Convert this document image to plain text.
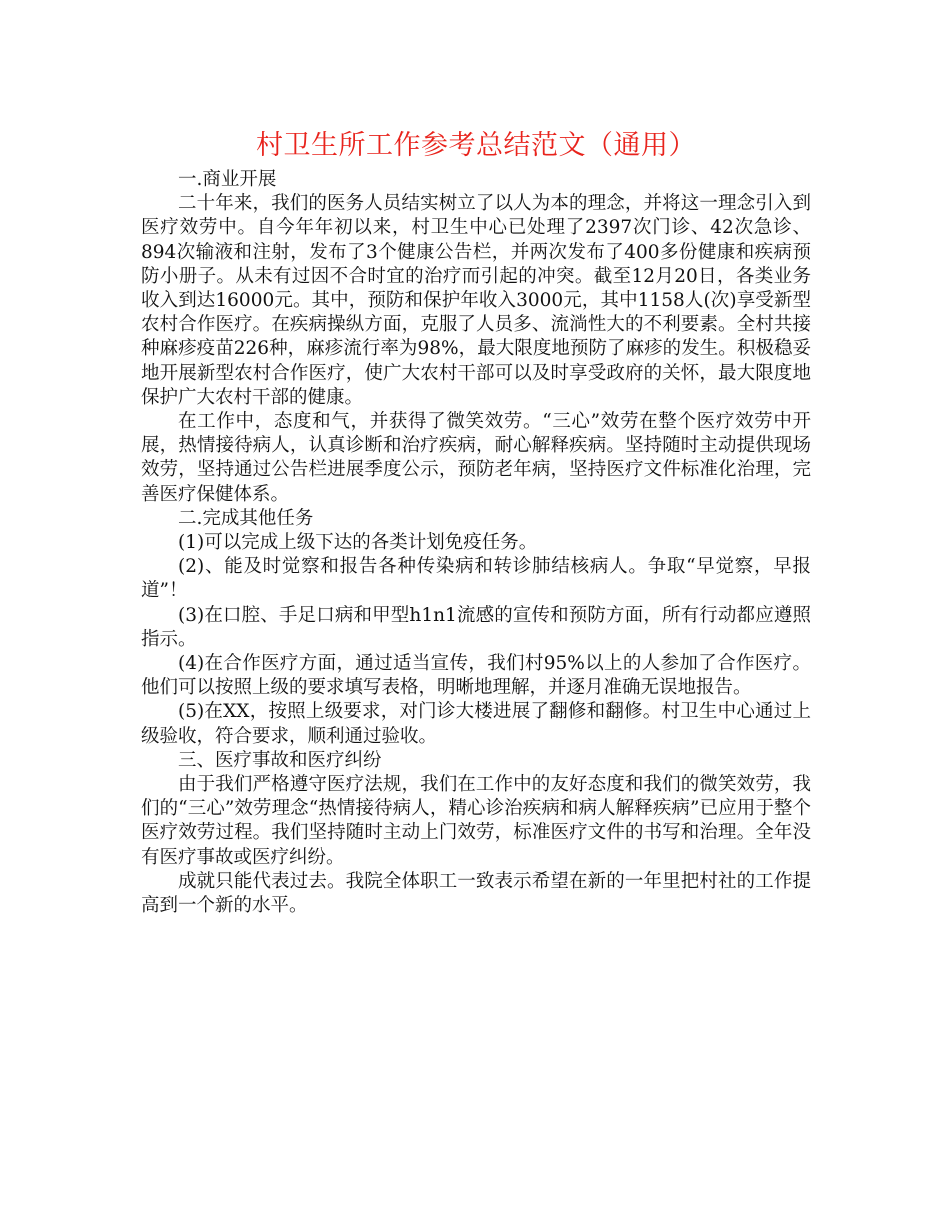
村卫生所工作参考总结范文（通用）

一.商业开展

二十年来，我们的医务人员结实树立了以人为本的理念，并将这一理念引入到医疗效劳中。自今年年初以来，村卫生中心已处理了2397次门诊、42次急诊、894次输液和注射，发布了3个健康公告栏，并两次发布了400多份健康和疾病预防小册子。从未有过因不合时宜的治疗而引起的冲突。截至12月20日，各类业务收入到达16000元。其中，预防和保护年收入3000元，其中1158人(次)享受新型农村合作医疗。在疾病操纵方面，克服了人员多、流淌性大的不利要素。全村共接种麻疹疫苗226种，麻疹流行率为98%，最大限度地预防了麻疹的发生。积极稳妥地开展新型农村合作医疗，使广大农村干部可以及时享受政府的关怀，最大限度地保护广大农村干部的健康。

在工作中，态度和气，并获得了微笑效劳。“三心”效劳在整个医疗效劳中开展，热情接待病人，认真诊断和治疗疾病，耐心解释疾病。坚持随时主动提供现场效劳，坚持通过公告栏进展季度公示，预防老年病，坚持医疗文件标准化治理，完善医疗保健体系。

二.完成其他任务

(1)可以完成上级下达的各类计划免疫任务。

(2)、能及时觉察和报告各种传染病和转诊肺结核病人。争取“早觉察，早报道”！

(3)在口腔、手足口病和甲型h1n1流感的宣传和预防方面，所有行动都应遵照指示。

(4)在合作医疗方面，通过适当宣传，我们村95%以上的人参加了合作医疗。他们可以按照上级的要求填写表格，明晰地理解，并逐月准确无误地报告。

(5)在XX，按照上级要求，对门诊大楼进展了翻修和翻修。村卫生中心通过上级验收，符合要求，顺利通过验收。

三、医疗事故和医疗纠纷

由于我们严格遵守医疗法规，我们在工作中的友好态度和我们的微笑效劳，我们的“三心”效劳理念“热情接待病人，精心诊治疾病和病人解释疾病”已应用于整个医疗效劳过程。我们坚持随时主动上门效劳，标准医疗文件的书写和治理。全年没有医疗事故或医疗纠纷。

成就只能代表过去。我院全体职工一致表示希望在新的一年里把村社的工作提高到一个新的水平。
